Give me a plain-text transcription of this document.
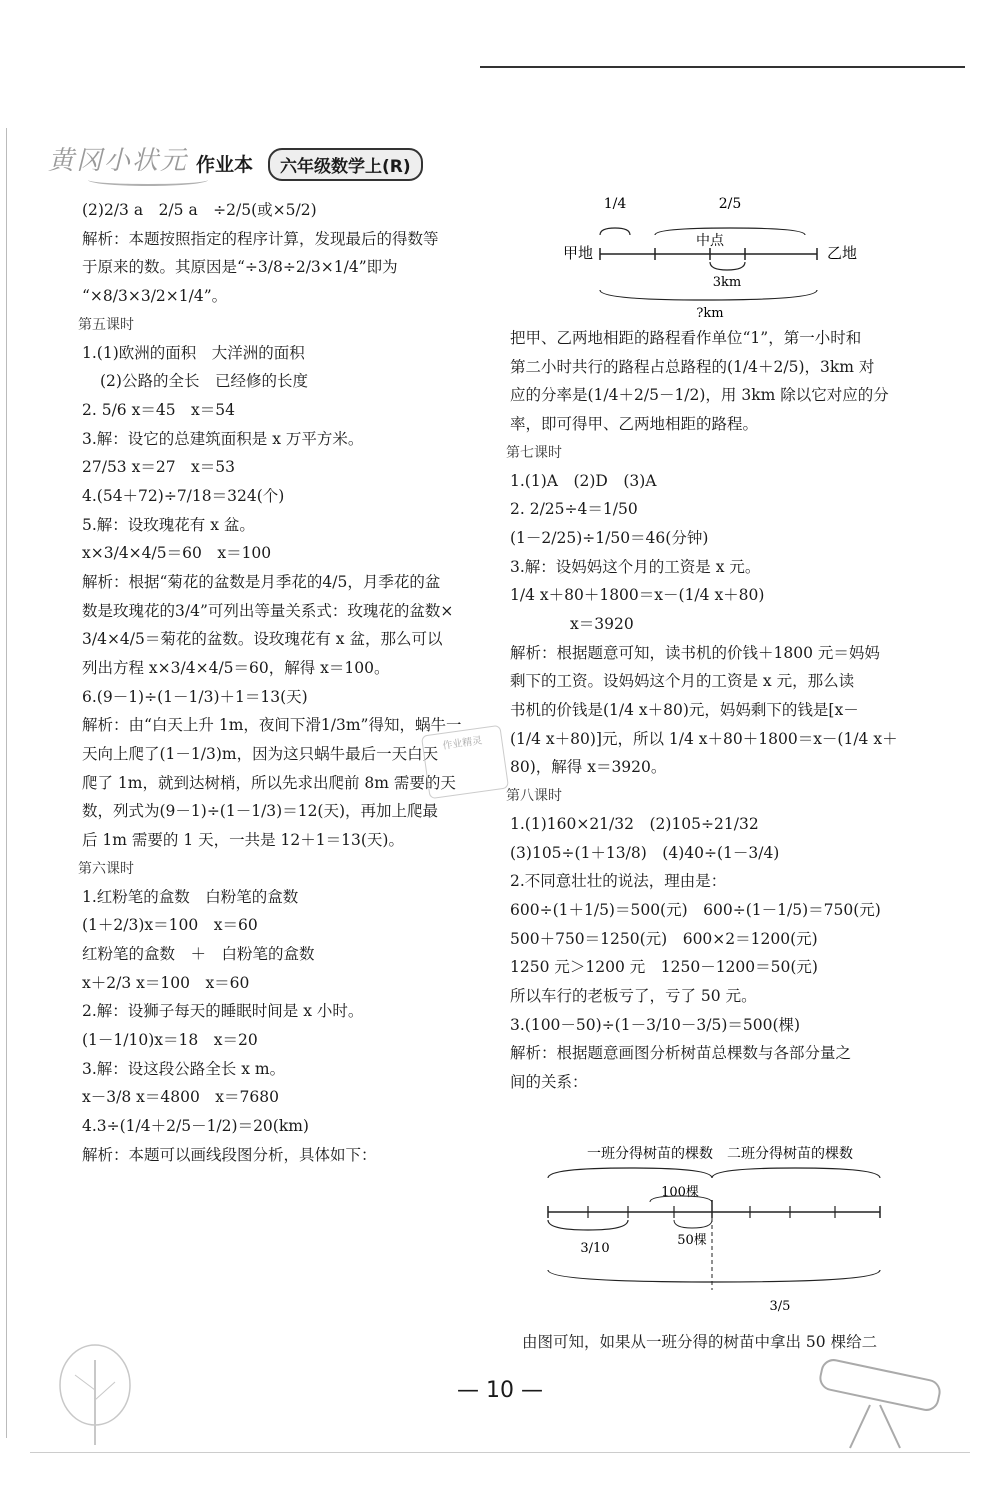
黄冈小状元 作业本	六年级数学上(R)
(2)2/3 a　2/5 a　÷2/5(或×5/2)
解析：本题按照指定的程序计算，发现最后的得数等
于原来的数。其原因是“÷3/8÷2/3×1/4”即为
“×8/3×3/2×1/4”。
第五课时
1.(1)欧洲的面积　大洋洲的面积
(2)公路的全长　已经修的长度
2. 5/6 x＝45　x＝54
3.解：设它的总建筑面积是 x 万平方米。
27/53 x＝27　x＝53
4.(54＋72)÷7/18＝324(个)
5.解：设玫瑰花有 x 盆。
x×3/4×4/5＝60　x＝100
解析：根据“菊花的盆数是月季花的4/5，月季花的盆
数是玫瑰花的3/4”可列出等量关系式：玫瑰花的盆数×
3/4×4/5＝菊花的盆数。设玫瑰花有 x 盆，那么可以
列出方程 x×3/4×4/5＝60，解得 x＝100。
6.(9－1)÷(1－1/3)＋1＝13(天)
解析：由“白天上升 1m，夜间下滑1/3m”得知，蜗牛一
天向上爬了(1－1/3)m，因为这只蜗牛最后一天白天
爬了 1m，就到达树梢，所以先求出爬前 8m 需要的天
数，列式为(9－1)÷(1－1/3)＝12(天)，再加上爬最
后 1m 需要的 1 天，一共是 12＋1＝13(天)。
第六课时
1.红粉笔的盒数　白粉笔的盒数
(1＋2/3)x＝100　x＝60
红粉笔的盒数　＋　白粉笔的盒数
x＋2/3 x＝100　x＝60
2.解：设狮子每天的睡眠时间是 x 小时。
(1－1/10)x＝18　x＝20
3.解：设这段公路全长 x m。
x－3/8 x＝4800　x＝7680
4.3÷(1/4＋2/5－1/2)＝20(km)
解析：本题可以画线段图分析，具体如下：
1/4	2/5
甲地
中点
乙地
3km
?km
把甲、乙两地相距的路程看作单位“1”，第一小时和
第二小时共行的路程占总路程的(1/4＋2/5)，3km 对
应的分率是(1/4＋2/5－1/2)，用 3km 除以它对应的分
率，即可得甲、乙两地相距的路程。
第七课时
1.(1)A　(2)D　(3)A
2. 2/25÷4＝1/50
(1－2/25)÷1/50＝46(分钟)
3.解：设妈妈这个月的工资是 x 元。
1/4 x＋80＋1800＝x－(1/4 x＋80)
x＝3920
解析：根据题意可知，读书机的价钱＋1800 元＝妈妈
剩下的工资。设妈妈这个月的工资是 x 元，那么读
书机的价钱是(1/4 x＋80)元，妈妈剩下的钱是[x－
(1/4 x＋80)]元，所以 1/4 x＋80＋1800＝x－(1/4 x＋
80)，解得 x＝3920。
第八课时
1.(1)160×21/32　(2)105÷21/32
(3)105÷(1＋13/8)　(4)40÷(1－3/4)
2.不同意壮壮的说法，理由是：
600÷(1＋1/5)＝500(元)　600÷(1－1/5)＝750(元)
500＋750＝1250(元)　600×2＝1200(元)
1250 元＞1200 元　1250－1200＝50(元)
所以车行的老板亏了，亏了 50 元。
3.(100－50)÷(1－3/10－3/5)＝500(棵)
解析：根据题意画图分析树苗总棵数与各部分量之
间的关系：
一班分得树苗的棵数　二班分得树苗的棵数
100棵
50棵
3/10
3/5
由图可知，如果从一班分得的树苗中拿出 50 棵给二
作业精灵
— 10 —
